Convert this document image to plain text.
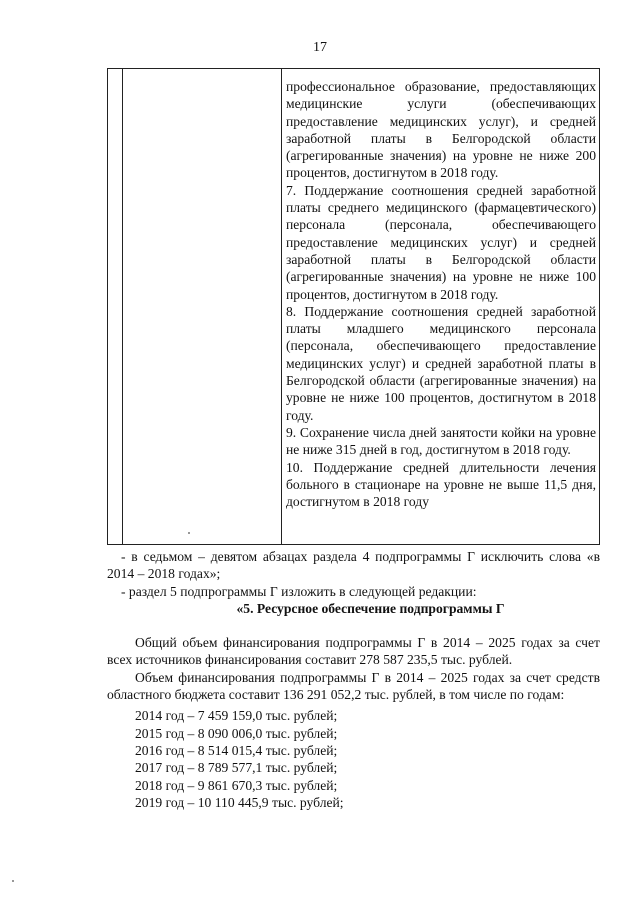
17

профессиональное образование, предоставляющих медицинские услуги (обеспечивающих предоставление медицинских услуг), и средней заработной платы в Белгородской области (агрегированные значения) на уровне не ниже 200 процентов, достигнутом в 2018 году.

7. Поддержание соотношения средней заработной платы среднего медицинского (фармацевтического) персонала (персонала, обеспечивающего предоставление медицинских услуг) и средней заработной платы в Белгородской области (агрегированные значения) на уровне не ниже 100 процентов, достигнутом в 2018 году.

8. Поддержание соотношения средней заработной платы младшего медицинского персонала (персонала, обеспечивающего предоставление медицинских услуг) и средней заработной платы в Белгородской области (агрегированные значения) на уровне не ниже 100 процентов, достигнутом в 2018 году.

9. Сохранение числа дней занятости койки на уровне не ниже 315 дней в год, достигнутом в 2018 году.

10. Поддержание средней длительности лечения больного в стационаре на уровне не выше 11,5 дня, достигнутом в 2018 году

- в седьмом – девятом абзацах раздела 4 подпрограммы Г исключить слова «в 2014 – 2018 годах»;

- раздел 5 подпрограммы Г изложить в следующей редакции:

«5. Ресурсное обеспечение подпрограммы Г

Общий объем финансирования подпрограммы Г в 2014 – 2025 годах за счет всех источников финансирования составит 278 587 235,5 тыс. рублей.

Объем финансирования подпрограммы Г в 2014 – 2025 годах за счет средств областного бюджета составит 136 291 052,2 тыс. рублей, в том числе по годам:

2014 год – 7 459 159,0 тыс. рублей;

2015 год – 8 090 006,0 тыс. рублей;

2016 год – 8 514 015,4 тыс. рублей;

2017 год – 8 789 577,1 тыс. рублей;

2018 год – 9 861 670,3 тыс. рублей;

2019 год – 10 110 445,9 тыс. рублей;
